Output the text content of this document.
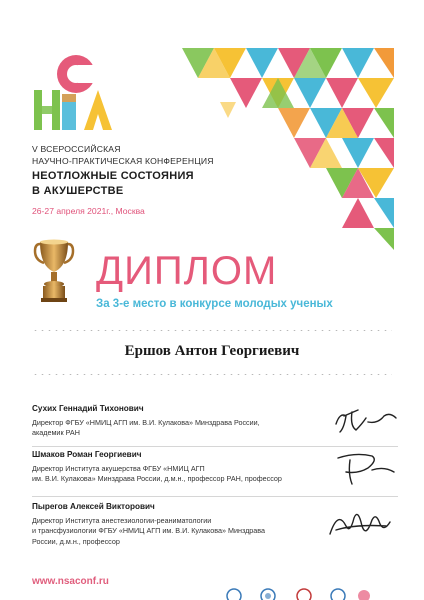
V ВСЕРОССИЙСКАЯ
НАУЧНО-ПРАКТИЧЕСКАЯ КОНФЕРЕНЦИЯ
НЕОТЛОЖНЫЕ СОСТОЯНИЯ
В АКУШЕРСТВЕ
26-27 апреля 2021г., Москва
ДИПЛОМ
За 3-е место в конкурсе молодых ученых
Ершов Антон Георгиевич
Сухих Геннадий Тихонович
Директор ФГБУ «НМИЦ АГП им. В.И. Кулакова» Минздрава России,
академик РАН
Шмаков Роман Георгиевич
Директор Института акушерства ФГБУ «НМИЦ АГП
им. В.И. Кулакова» Минздрава России, д.м.н., профессор РАН, профессор
Пырегов Алексей Викторович
Директор Института анестезиологии-реаниматологии
и трансфузиологии ФГБУ «НМИЦ АГП им. В.И. Кулакова» Минздрава
России, д.м.н., профессор
www.nsaconf.ru
